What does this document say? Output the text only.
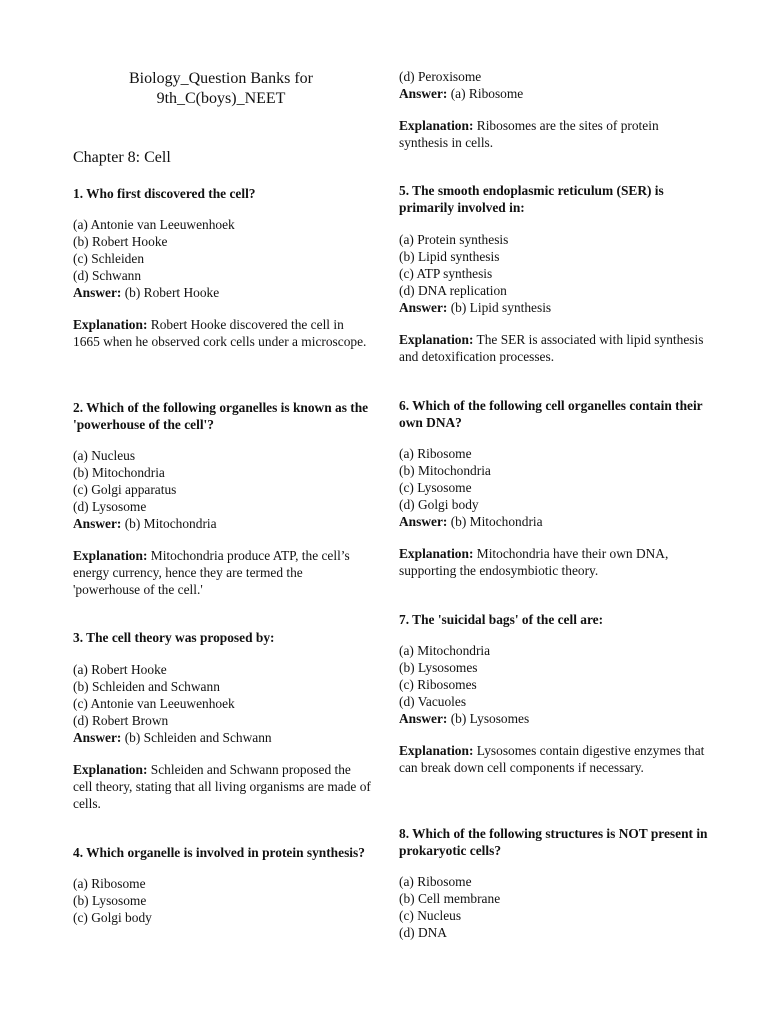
Biology_Question Banks for
9th_C(boys)_NEET
Chapter 8: Cell

1. Who first discovered the cell?

(a) Antonie van Leeuwenhoek

(b) Robert Hooke

(c) Schleiden

(d) Schwann

Answer: (b) Robert Hooke

Explanation: Robert Hooke discovered the cell in 1665 when he observed cork cells under a microscope.

2. Which of the following organelles is known as the 'powerhouse of the cell'?

(a) Nucleus

(b) Mitochondria

(c) Golgi apparatus

(d) Lysosome

Answer: (b) Mitochondria

Explanation: Mitochondria produce ATP, the cell’s energy currency, hence they are termed the 'powerhouse of the cell.'

3. The cell theory was proposed by:

(a) Robert Hooke

(b) Schleiden and Schwann

(c) Antonie van Leeuwenhoek

(d) Robert Brown

Answer: (b) Schleiden and Schwann

Explanation: Schleiden and Schwann proposed the cell theory, stating that all living organisms are made of cells.

4. Which organelle is involved in protein synthesis?

(a) Ribosome

(b) Lysosome

(c) Golgi body

(d) Peroxisome

Answer: (a) Ribosome

Explanation: Ribosomes are the sites of protein synthesis in cells.

5. The smooth endoplasmic reticulum (SER) is primarily involved in:

(a) Protein synthesis

(b) Lipid synthesis

(c) ATP synthesis

(d) DNA replication

Answer: (b) Lipid synthesis

Explanation: The SER is associated with lipid synthesis and detoxification processes.

6. Which of the following cell organelles contain their own DNA?

(a) Ribosome

(b) Mitochondria

(c) Lysosome

(d) Golgi body

Answer: (b) Mitochondria

Explanation: Mitochondria have their own DNA, supporting the endosymbiotic theory.

7. The 'suicidal bags' of the cell are:

(a) Mitochondria

(b) Lysosomes

(c) Ribosomes

(d) Vacuoles

Answer: (b) Lysosomes

Explanation: Lysosomes contain digestive enzymes that can break down cell components if necessary.

8. Which of the following structures is NOT present in prokaryotic cells?

(a) Ribosome

(b) Cell membrane

(c) Nucleus

(d) DNA
